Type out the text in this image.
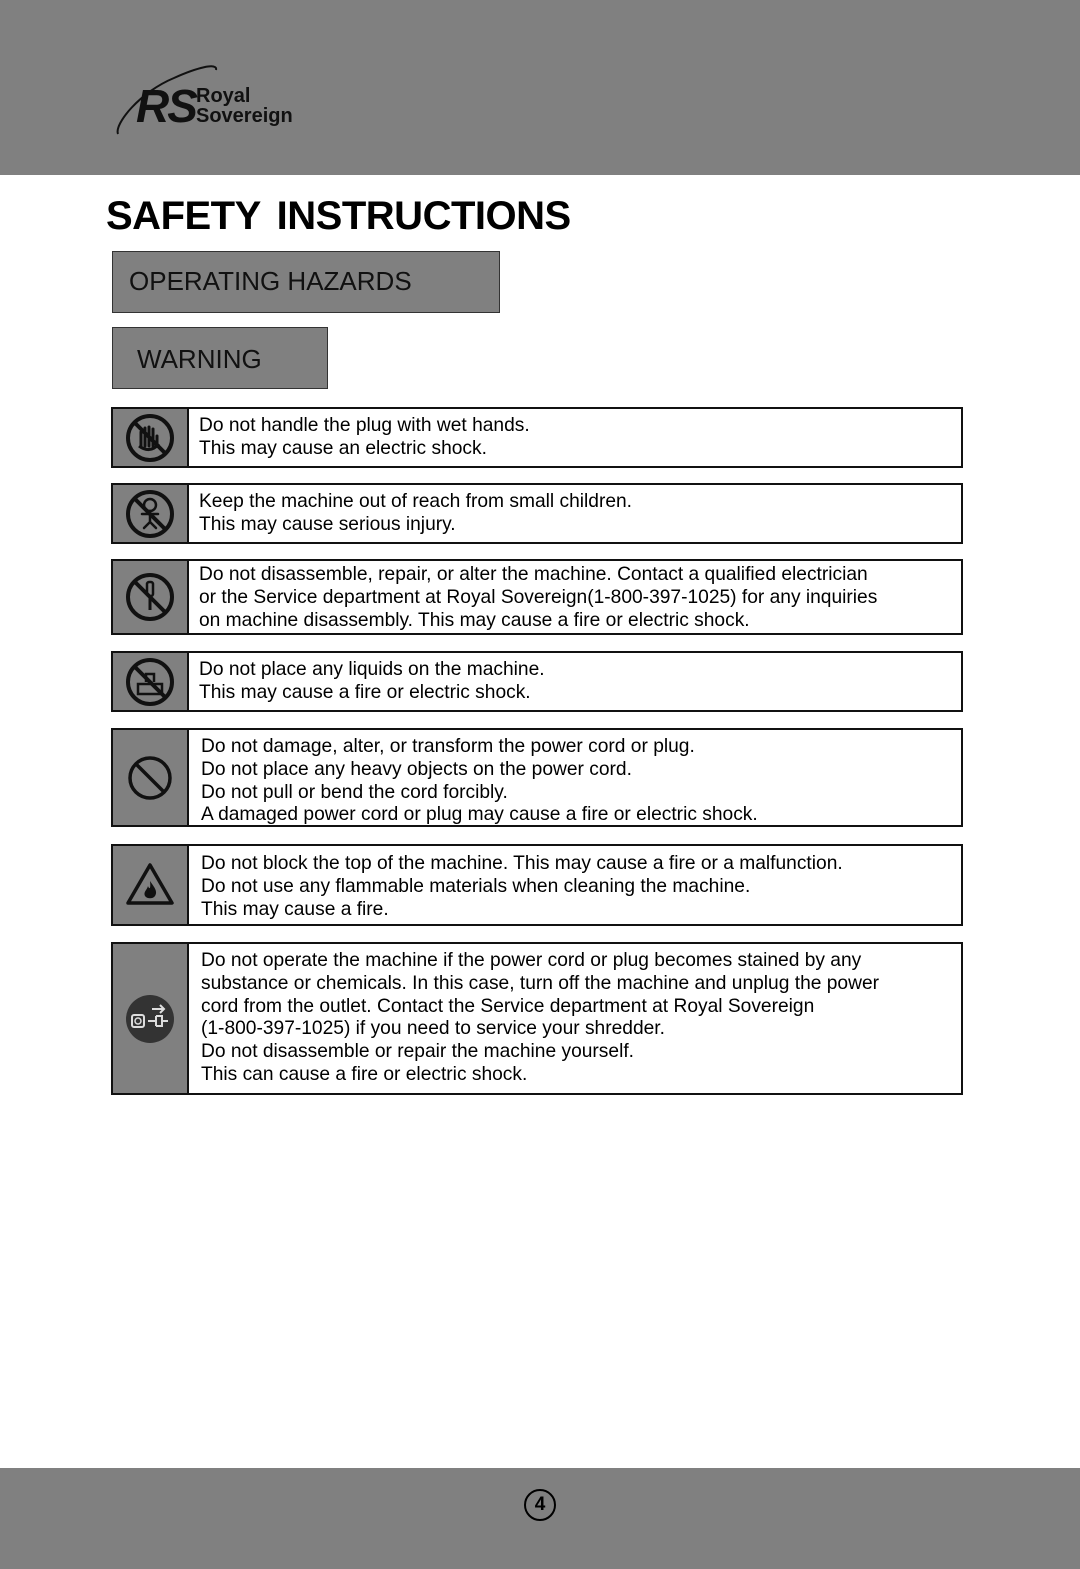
RS Royal
Sovereign
SAFETY INSTRUCTIONS
OPERATING HAZARDS
WARNING
Do not handle the plug with wet hands.
This may cause an electric shock.
Keep the machine out of reach from small children.
This may cause serious injury.
Do not disassemble, repair, or alter the machine. Contact a qualified electrician
or the Service department at Royal Sovereign(1-800-397-1025) for any inquiries
on machine disassembly. This may cause a fire or electric shock.
Do not place any liquids on the machine.
This may cause a fire or electric shock.
Do not damage, alter, or transform the power cord or plug.
Do not place any heavy objects on the power cord.
Do not pull or bend the cord forcibly.
A damaged power cord or plug may cause a fire or electric shock.
Do not block the top of the machine. This may cause a fire or a malfunction.
Do not use any flammable materials when cleaning the machine.
This may cause a fire.
Do not operate the machine if the power cord or plug becomes stained by any
substance or chemicals. In this case, turn off the machine and unplug the power
cord from the outlet. Contact the Service department at Royal Sovereign
(1-800-397-1025) if you need to service your shredder.
Do not disassemble or repair the machine yourself.
This can cause a fire or electric shock.
4
